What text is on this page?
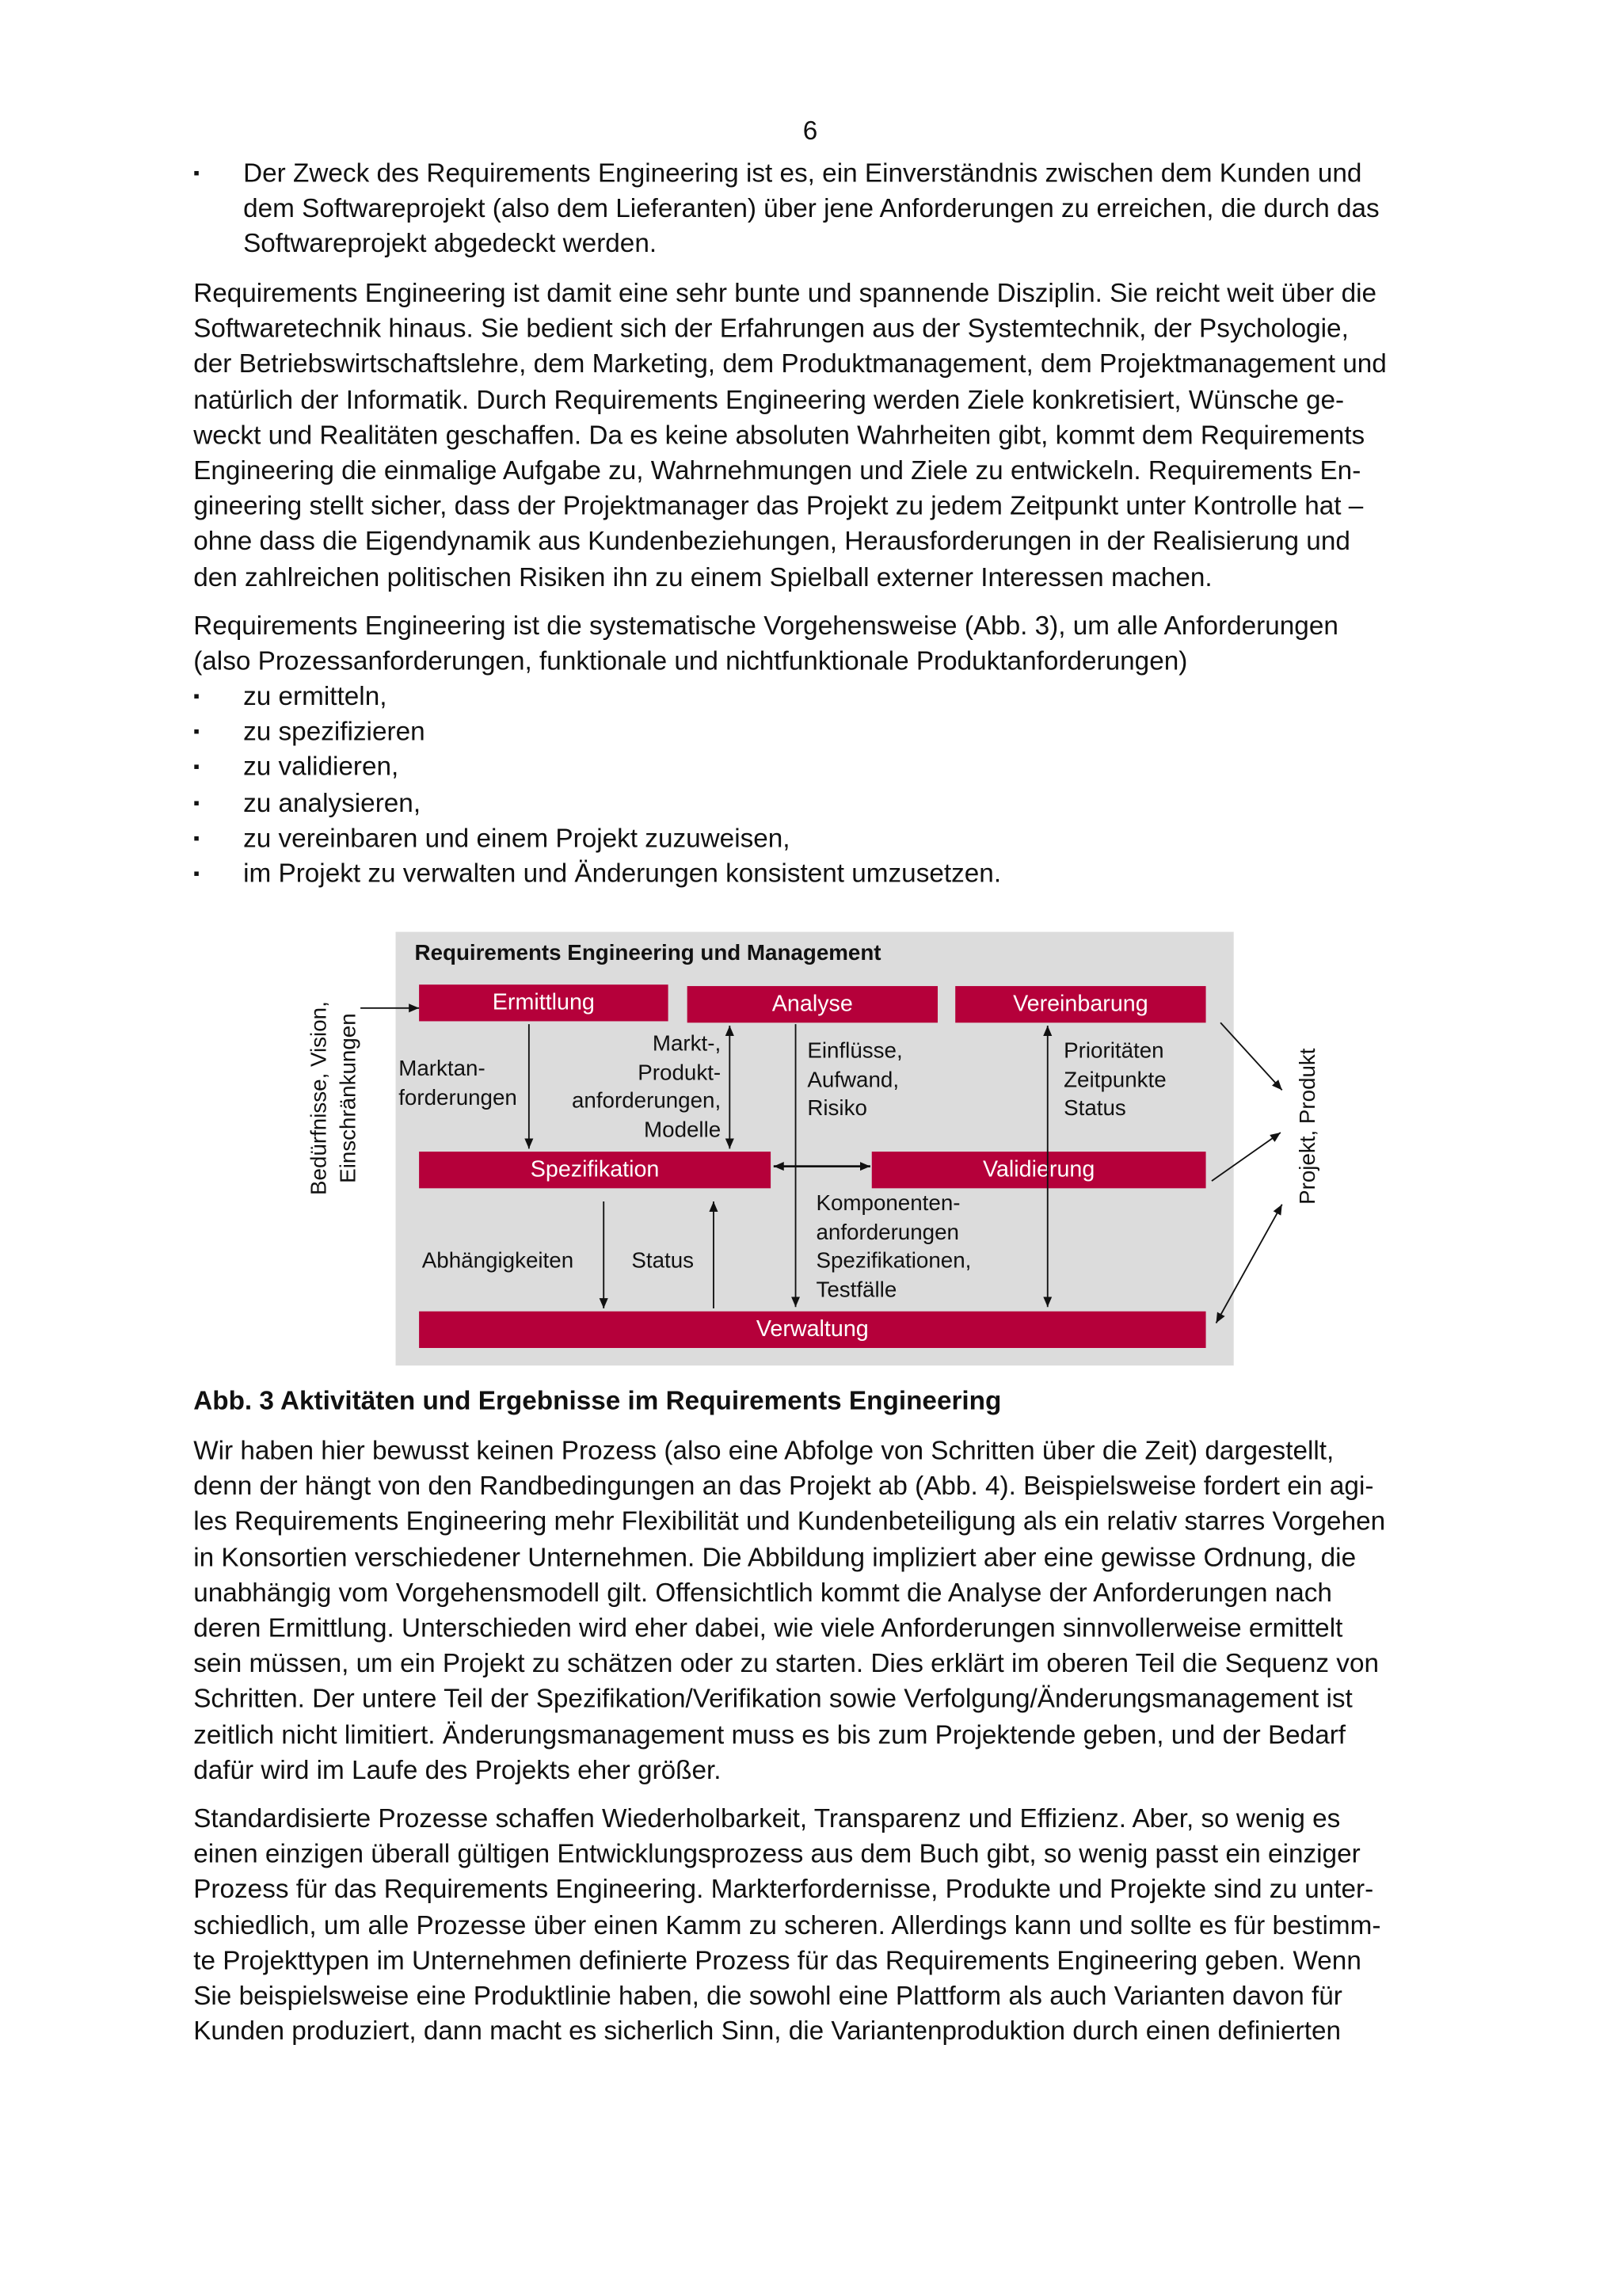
6
▪	Der Zweck des Requirements Engineering ist es, ein Einverständnis zwischen dem Kunden und
dem Softwareprojekt (also dem Lieferanten) über jene Anforderungen zu erreichen, die durch das
Softwareprojekt abgedeckt werden.
Requirements Engineering ist damit eine sehr bunte und spannende Disziplin. Sie reicht weit über die
Softwaretechnik hinaus. Sie bedient sich der Erfahrungen aus der Systemtechnik, der Psychologie,
der Betriebswirtschaftslehre, dem Marketing, dem Produktmanagement, dem Projektmanagement und
natürlich der Informatik. Durch Requirements Engineering werden Ziele konkretisiert, Wünsche ge-
weckt und Realitäten geschaffen. Da es keine absoluten Wahrheiten gibt, kommt dem Requirements
Engineering die einmalige Aufgabe zu, Wahrnehmungen und Ziele zu entwickeln. Requirements En-
gineering stellt sicher, dass der Projektmanager das Projekt zu jedem Zeitpunkt unter Kontrolle hat –
ohne dass die Eigendynamik aus Kundenbeziehungen, Herausforderungen in der Realisierung und
den zahlreichen politischen Risiken ihn zu einem Spielball externer Interessen machen.
Requirements Engineering ist die systematische Vorgehensweise (Abb. 3), um alle Anforderungen
(also Prozessanforderungen, funktionale und nichtfunktionale Produktanforderungen)
▪	zu ermitteln,
▪	zu spezifizieren
▪	zu validieren,
▪	zu analysieren,
▪	zu vereinbaren und einem Projekt zuzuweisen,
▪	im Projekt zu verwalten und Änderungen konsistent umzusetzen.
Abb. 3 Aktivitäten und Ergebnisse im Requirements Engineering
Wir haben hier bewusst keinen Prozess (also eine Abfolge von Schritten über die Zeit) dargestellt,
denn der hängt von den Randbedingungen an das Projekt ab (Abb. 4). Beispielsweise fordert ein agi-
les Requirements Engineering mehr Flexibilität und Kundenbeteiligung als ein relativ starres Vorgehen
in Konsortien verschiedener Unternehmen. Die Abbildung impliziert aber eine gewisse Ordnung, die
unabhängig vom Vorgehensmodell gilt. Offensichtlich kommt die Analyse der Anforderungen nach
deren Ermittlung. Unterschieden wird eher dabei, wie viele Anforderungen sinnvollerweise ermittelt
sein müssen, um ein Projekt zu schätzen oder zu starten. Dies erklärt im oberen Teil die Sequenz von
Schritten. Der untere Teil der Spezifikation/Verifikation sowie Verfolgung/Änderungsmanagement ist
zeitlich nicht limitiert. Änderungsmanagement muss es bis zum Projektende geben, und der Bedarf
dafür wird im Laufe des Projekts eher größer.
Standardisierte Prozesse schaffen Wiederholbarkeit, Transparenz und Effizienz. Aber, so wenig es
einen einzigen überall gültigen Entwicklungsprozess aus dem Buch gibt, so wenig passt ein einziger
Prozess für das Requirements Engineering. Markterfordernisse, Produkte und Projekte sind zu unter-
schiedlich, um alle Prozesse über einen Kamm zu scheren. Allerdings kann und sollte es für bestimm-
te Projekttypen im Unternehmen definierte Prozess für das Requirements Engineering geben. Wenn
Sie beispielsweise eine Produktlinie haben, die sowohl eine Plattform als auch Varianten davon für
Kunden produziert, dann macht es sicherlich Sinn, die Variantenproduktion durch einen definierten
Requirements Engineering und Management
Ermittlung	Analyse	Vereinbarung
Spezifikation	Validierung
Verwaltung
Marktan-
forderungen
Markt-,
Produkt-
anforderungen,
Modelle
Einflüsse,
Aufwand,
Risiko
Prioritäten
Zeitpunkte
Status
Abhängigkeiten	Status
Komponenten-
anforderungen
Spezifikationen,
Testfälle
Bedürfnisse, Vision, Einschränkungen	Projekt, Produkt
